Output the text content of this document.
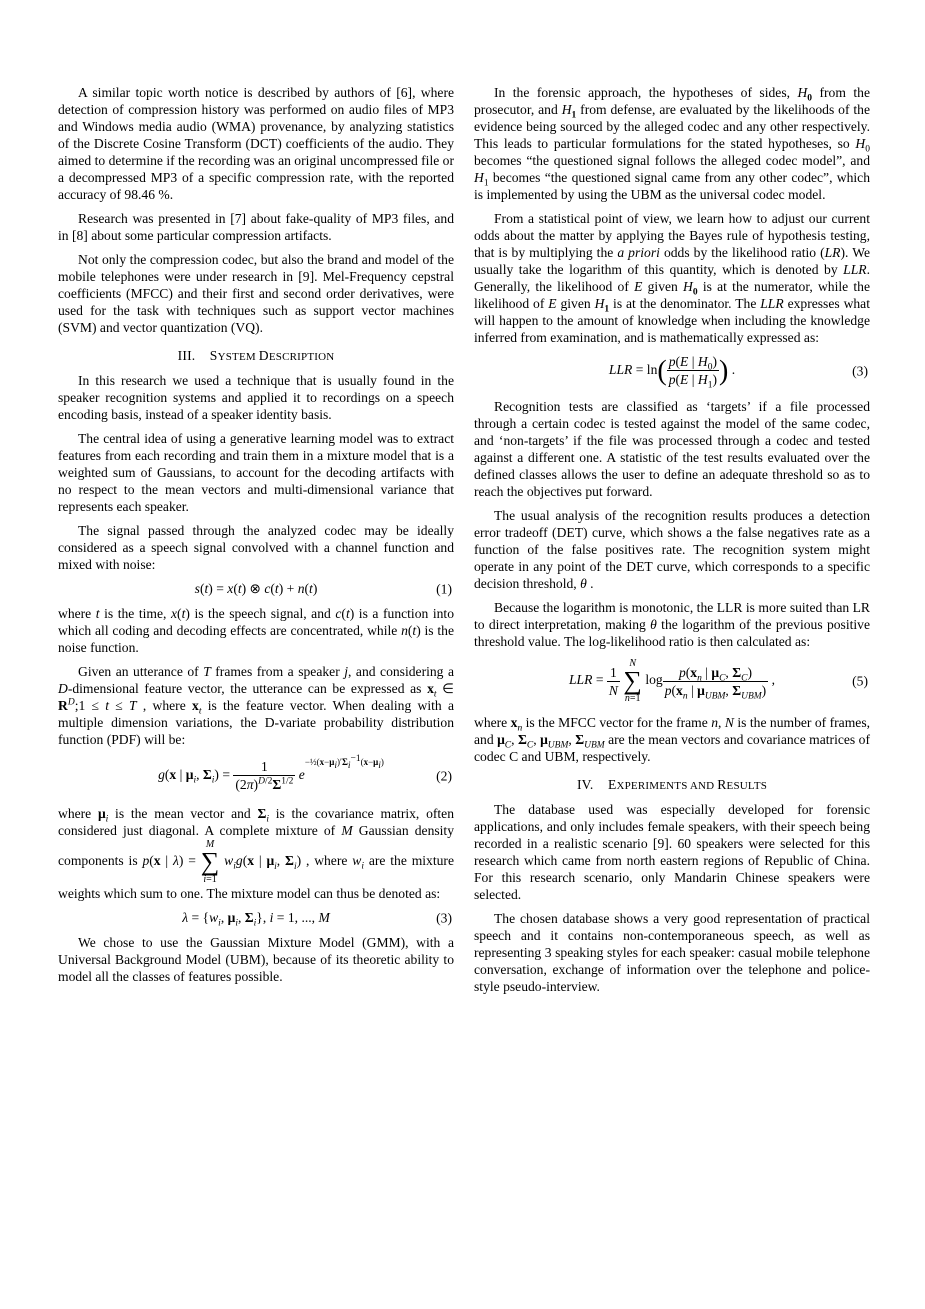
A similar topic worth notice is described by authors of [6], where detection of compression history was performed on audio files of MP3 and Windows media audio (WMA) provenance, by analyzing statistics of the Discrete Cosine Transform (DCT) coefficients of the audio. They aimed to determine if the recording was an original uncompressed file or a decompressed MP3 of a specific compression rate, with the reported accuracy of 98.46 %.

Research was presented in [7] about fake-quality of MP3 files, and in [8] about some particular compression artifacts.

Not only the compression codec, but also the brand and model of the mobile telephones were under research in [9]. Mel-Frequency cepstral coefficients (MFCC) and their first and second order derivatives, were used for the task with techniques such as support vector machines (SVM) and vector quantization (VQ).

III. SYSTEM DESCRIPTION

In this research we used a technique that is usually found in the speaker recognition systems and applied it to recordings on a speech encoding basis, instead of a speaker identity basis.

The central idea of using a generative learning model was to extract features from each recording and train them in a mixture model that is a weighted sum of Gaussians, to account for the decoding artifacts with no respect to the mean vectors and multi-dimensional variance that represents each speaker.

The signal passed through the analyzed codec may be ideally considered as a speech signal convolved with a channel function and mixed with noise:

s(t) = x(t) ⊗ c(t) + n(t)	(1)

where t is the time, x(t) is the speech signal, and c(t) is a function into which all coding and decoding effects are concentrated, while n(t) is the noise function.

Given an utterance of T frames from a speaker j, and considering a D-dimensional feature vector, the utterance can be expressed as $x_t$ ∈ $R^D;1 \le t \le T$ , where $x_t$ is the feature vector. When dealing with a multiple dimension variations, the D-variate probability distribution function (PDF) will be:

g(x | $\mu_i$, $\Sigma_i) = \frac{1}{(2\pi)^{D/2}\Sigma^{1/2}} e^{-\frac{1}{2}(x-\mu_i)'\Sigma_i^{-1}(x-\mu_i)}$
(2)

where $\mu_i$ is the mean vector and $\Sigma_i$ is the covariance matrix, often considered just diagonal. A complete mixture of M Gaussian density components is p(x | λ) =
M
∑
i=1
$w_ig(x$ | $\mu_i$, $\Sigma_i$) , where $w_i$ are the mixture weights which sum to one. The mixture model can thus be denoted as:

$\lambda = \{w_i$, $\mu_i$, $\Sigma_i$}, i = 1, ..., M	(3)

We chose to use the Gaussian Mixture Model (GMM), with a Universal Background Model (UBM), because of its theoretic ability to model all the classes of features possible.

In the forensic approach, the hypotheses of sides, $H_0$ from the prosecutor, and $H_1$ from defense, are evaluated by the likelihoods of the evidence being sourced by the alleged codec and any other respectively. This leads to particular formulations for the stated hypotheses, so $H_0$ becomes “the questioned signal follows the alleged codec model”, and $H_1$ becomes “the questioned signal came from any other codec”, which is implemented by using the UBM as the universal codec model.

From a statistical point of view, we learn how to adjust our current odds about the matter by applying the Bayes rule of hypothesis testing, that is by multiplying the a priori odds by the likelihood ratio (LR). We usually take the logarithm of this quantity, which is denoted by LLR. Generally, the likelihood of E given $H_0$ is at the numerator, while the likelihood of E given $H_1$ is at the denominator. The LLR expresses what will happen to the amount of knowledge when including the knowledge inferred from examination, and is mathematically expressed as:

LLR = $\ln( \frac{p(E | H_0)}{p(E | H_1)}$ ) .	(3)

Recognition tests are classified as ‘targets’ if a file processed through a certain codec is tested against the model of the same codec, and ‘non-targets’ if the file was processed through a codec and tested against a different one. A statistic of the test results evaluated over the defined classes allows the user to define an adequate threshold so as to reach the objectives put forward.

The usual analysis of the recognition results produces a detection error tradeoff (DET) curve, which shows a the false negatives rate as a function of the false positives rate. The recognition system might operate in any point of the DET curve, which corresponds to a specific decision threshold, θ .

Because the logarithm is monotonic, the LLR is more suited than LR to direct interpretation, making θ the logarithm of the previous positive threshold value. The log-likelihood ratio is then calculated as:

LLR = $\frac{1}{N}$
N
∑
n=1
$\log \frac{p(x_n | \mu_C, \Sigma_C)}{p(x_n | \mu_{UBM}, \Sigma_{UBM})}$ ,	(5)

where $x_n$ is the MFCC vector for the frame n, N is the number of frames, and $\mu_C$, $\Sigma_C$, $\mu_{UBM}$, $\Sigma_{UBM}$ are the mean vectors and covariance matrices of codec C and UBM, respectively.

IV. EXPERIMENTS AND RESULTS

The database used was especially developed for forensic applications, and only includes female speakers, with their speech being recorded in a realistic scenario [9]. 60 speakers were selected for this research which came from north eastern regions of Republic of China. For this research scenario, only Mandarin Chinese speakers were selected.

The chosen database shows a very good representation of practical speech and it contains non-contemporaneous speech, as well as representing 3 speaking styles for each speaker: casual mobile telephone conversation, exchange of information over the telephone and police-style pseudo-interview.
